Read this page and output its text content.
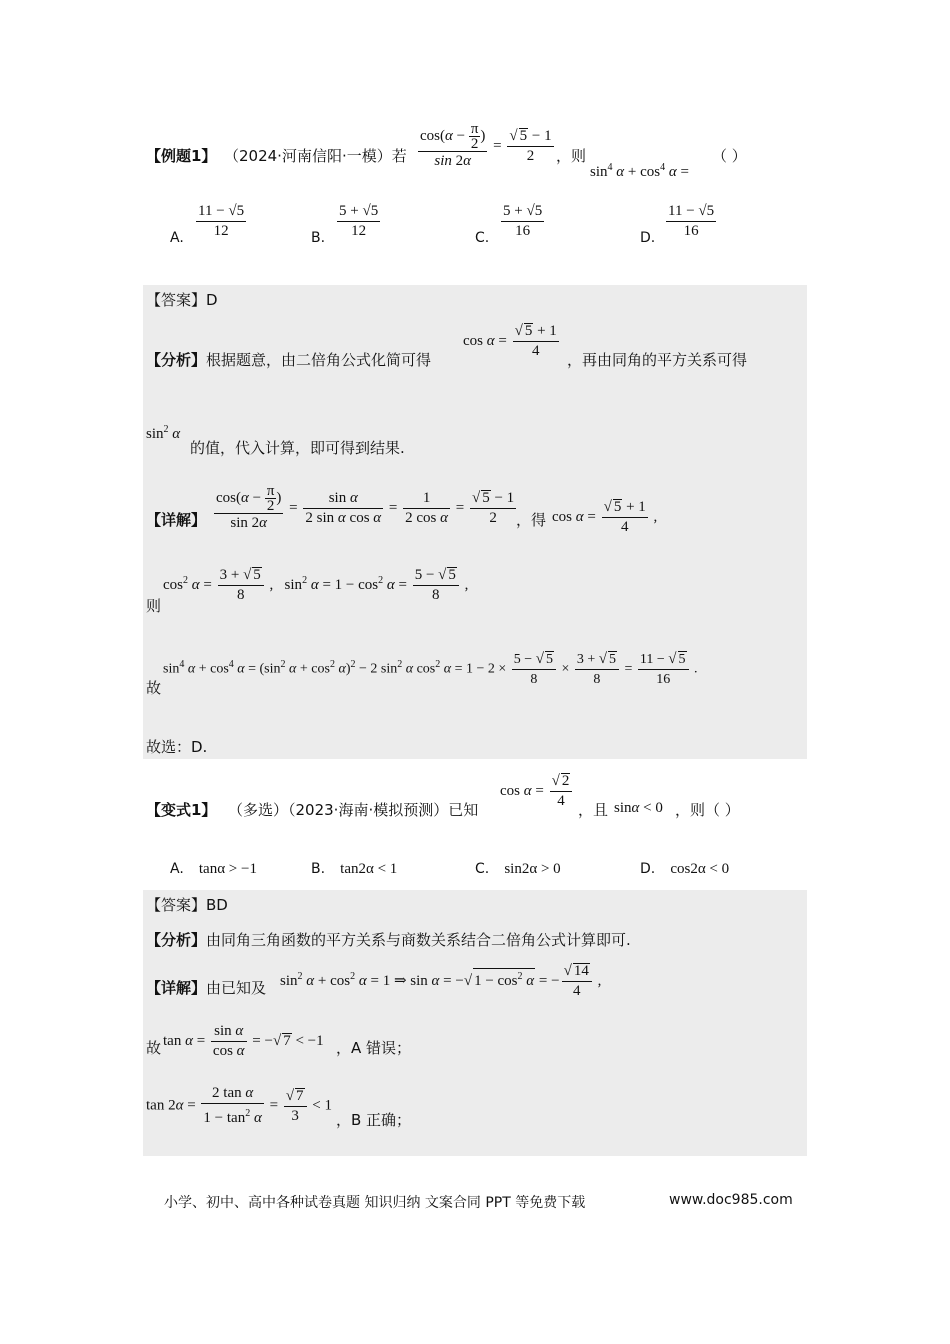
【例题1】 （2024·河南信阳·一模）若 $\frac{\cos(\alpha - \frac{\pi}{2} )}{\sin 2\alpha} = \frac{√ 5 - 1}{2}$ ，则
$\sin^4 \alpha + \cos^4 \alpha$ =
（ ）
A. $\frac{11 - √5}{12}$	B. $\frac{5 + √5}{12}$	C. $\frac{5 + √5}{16}$	D. $\frac{11 - √5}{16}$
【答案】D
【分析】根据题意，由二倍角公式化简可得
$\cos \alpha = \frac{√ 5 + 1}{4}$ ，再由同角的平方关系可得
$\sin^2 \alpha$
的值，代入计算，即可得到结果.
【详解】 $\frac{\cos(\alpha - \frac{\pi}{2} )}{\sin 2\alpha} = \frac{\text{sin α}}{\text{2 sin α cos α}} = \frac{1}{\text{2 cos α}} = \frac{√ 5 - 1}{2}$ ，得 $\cos \alpha = \frac{√ 5 + 1}{4}$ ,
则
$\cos^2 \alpha = \frac{3 + √ 5}{8}$ ,   $\sin^2 \alpha = 1 - \cos^2 \alpha = \frac{5 - √ 5}{8}$ ,
故
$\sin^4 \alpha + \cos^4 \alpha = (\sin^2$ $\alpha + \cos^2 \alpha)^2 - 2$ $\sin^2 \alpha$ $\cos^2 \alpha = 1 - 2 \times \frac{5 - √ 5}{8} \times \frac{3 + √ 5}{8} = \frac{11 - √ 5}{16}$ .
故选：D.
【变式1】 （多选）（2023·海南·模拟预测）已知
$\cos \alpha = \frac{√ 2}{4}$ ，且 sinα < 0 ，则（ ）
A. tanα > −1	B. tan2α < 1	C. sin2α > 0	D. cos2α < 0
【答案】BD
【分析】由同角三角函数的平方关系与商数关系结合二倍角公式计算即可.
【详解】由已知及 $\sin^2 \alpha + \cos^2 \alpha = 1$ ⇒ sin α = −√ $1 - \cos^2 \alpha$ = − $\frac{√ 14}{4}$ ,
故 $\tan \alpha = \frac{\text{sin α}}{\text{cos α}}$ = −√ 7 < −1 ，A 错误；
$\tan 2\alpha = \frac{\text{2 tan α}}{1 - \tan^2 \alpha} = \frac{√ 7}{3} < 1$
，B 正确；
小学、初中、高中各种试卷真题 知识归纳 文案合同 PPT 等免费下载	www.doc985.com
